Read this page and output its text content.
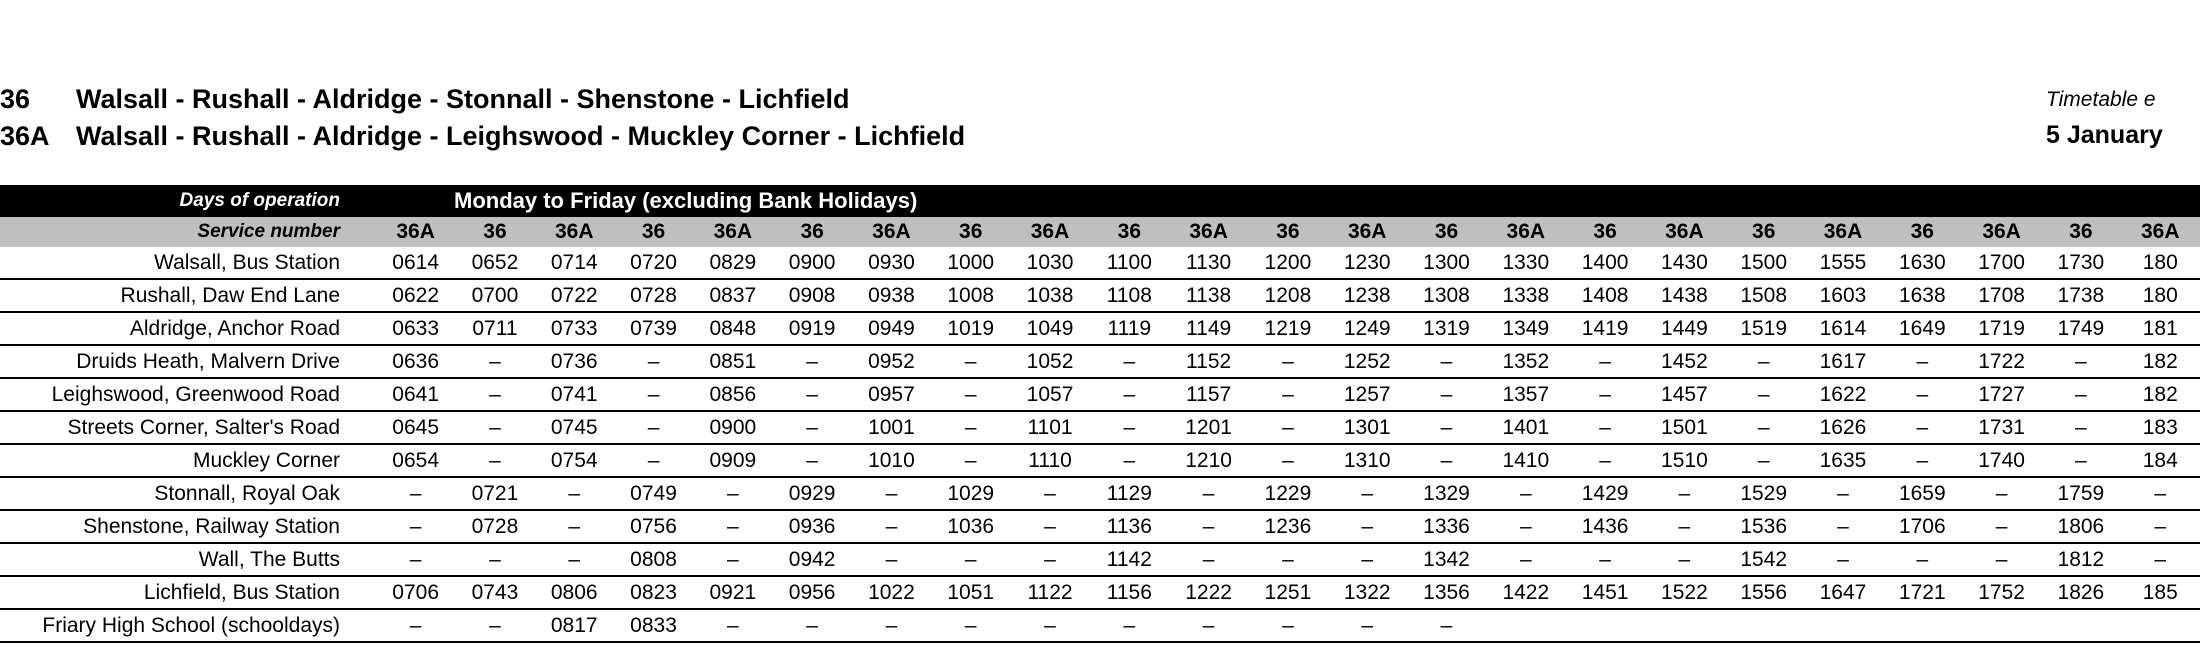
36 Walsall - Rushall - Aldridge - Stonnall - Shenstone - Lichfield
36A Walsall - Rushall - Aldridge - Leighswood - Muckley Corner - Lichfield
Timetable e
5 January
Days of operation	Monday to Friday (excluding Bank Holidays)																						
Service number	36A	36	36A	36	36A	36	36A	36	36A	36	36A	36	36A	36	36A	36	36A	36	36A	36	36A	36	36A
Walsall, Bus Station	0614	0652	0714	0720	0829	0900	0930	1000	1030	1100	1130	1200	1230	1300	1330	1400	1430	1500	1555	1630	1700	1730	180
Rushall, Daw End Lane	0622	0700	0722	0728	0837	0908	0938	1008	1038	1108	1138	1208	1238	1308	1338	1408	1438	1508	1603	1638	1708	1738	180
Aldridge, Anchor Road	0633	0711	0733	0739	0848	0919	0949	1019	1049	1119	1149	1219	1249	1319	1349	1419	1449	1519	1614	1649	1719	1749	181
Druids Heath, Malvern Drive	0636	–	0736	–	0851	–	0952	–	1052	–	1152	–	1252	–	1352	–	1452	–	1617	–	1722	–	182
Leighswood, Greenwood Road	0641	–	0741	–	0856	–	0957	–	1057	–	1157	–	1257	–	1357	–	1457	–	1622	–	1727	–	182
Streets Corner, Salter's Road	0645	–	0745	–	0900	–	1001	–	1101	–	1201	–	1301	–	1401	–	1501	–	1626	–	1731	–	183
Muckley Corner	0654	–	0754	–	0909	–	1010	–	1110	–	1210	–	1310	–	1410	–	1510	–	1635	–	1740	–	184
Stonnall, Royal Oak	–	0721	–	0749	–	0929	–	1029	–	1129	–	1229	–	1329	–	1429	–	1529	–	1659	–	1759	–
Shenstone, Railway Station	–	0728	–	0756	–	0936	–	1036	–	1136	–	1236	–	1336	–	1436	–	1536	–	1706	–	1806	–
Wall, The Butts	–	–	–	0808	–	0942	–	–	–	1142	–	–	–	1342	–	–	–	1542	–	–	–	1812	–
Lichfield, Bus Station	0706	0743	0806	0823	0921	0956	1022	1051	1122	1156	1222	1251	1322	1356	1422	1451	1522	1556	1647	1721	1752	1826	185
Friary High School (schooldays)	–	–	0817	0833	–	–	–	–	–	–	–	–	–	–									
